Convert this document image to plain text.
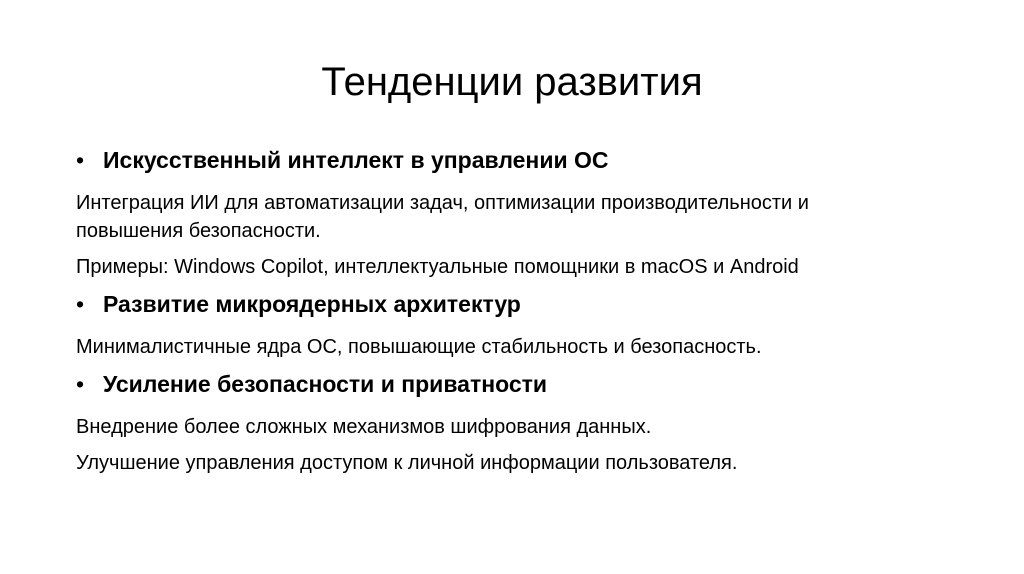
Тенденции развития
• Искусственный интеллект в управлении ОС
Интеграция ИИ для автоматизации задач, оптимизации производительности и
повышения безопасности.
Примеры: Windows Copilot, интеллектуальные помощники в macOS и Android
• Развитие микроядерных архитектур
Минималистичные ядра ОС, повышающие стабильность и безопасность.
• Усиление безопасности и приватности
Внедрение более сложных механизмов шифрования данных.
Улучшение управления доступом к личной информации пользователя.
